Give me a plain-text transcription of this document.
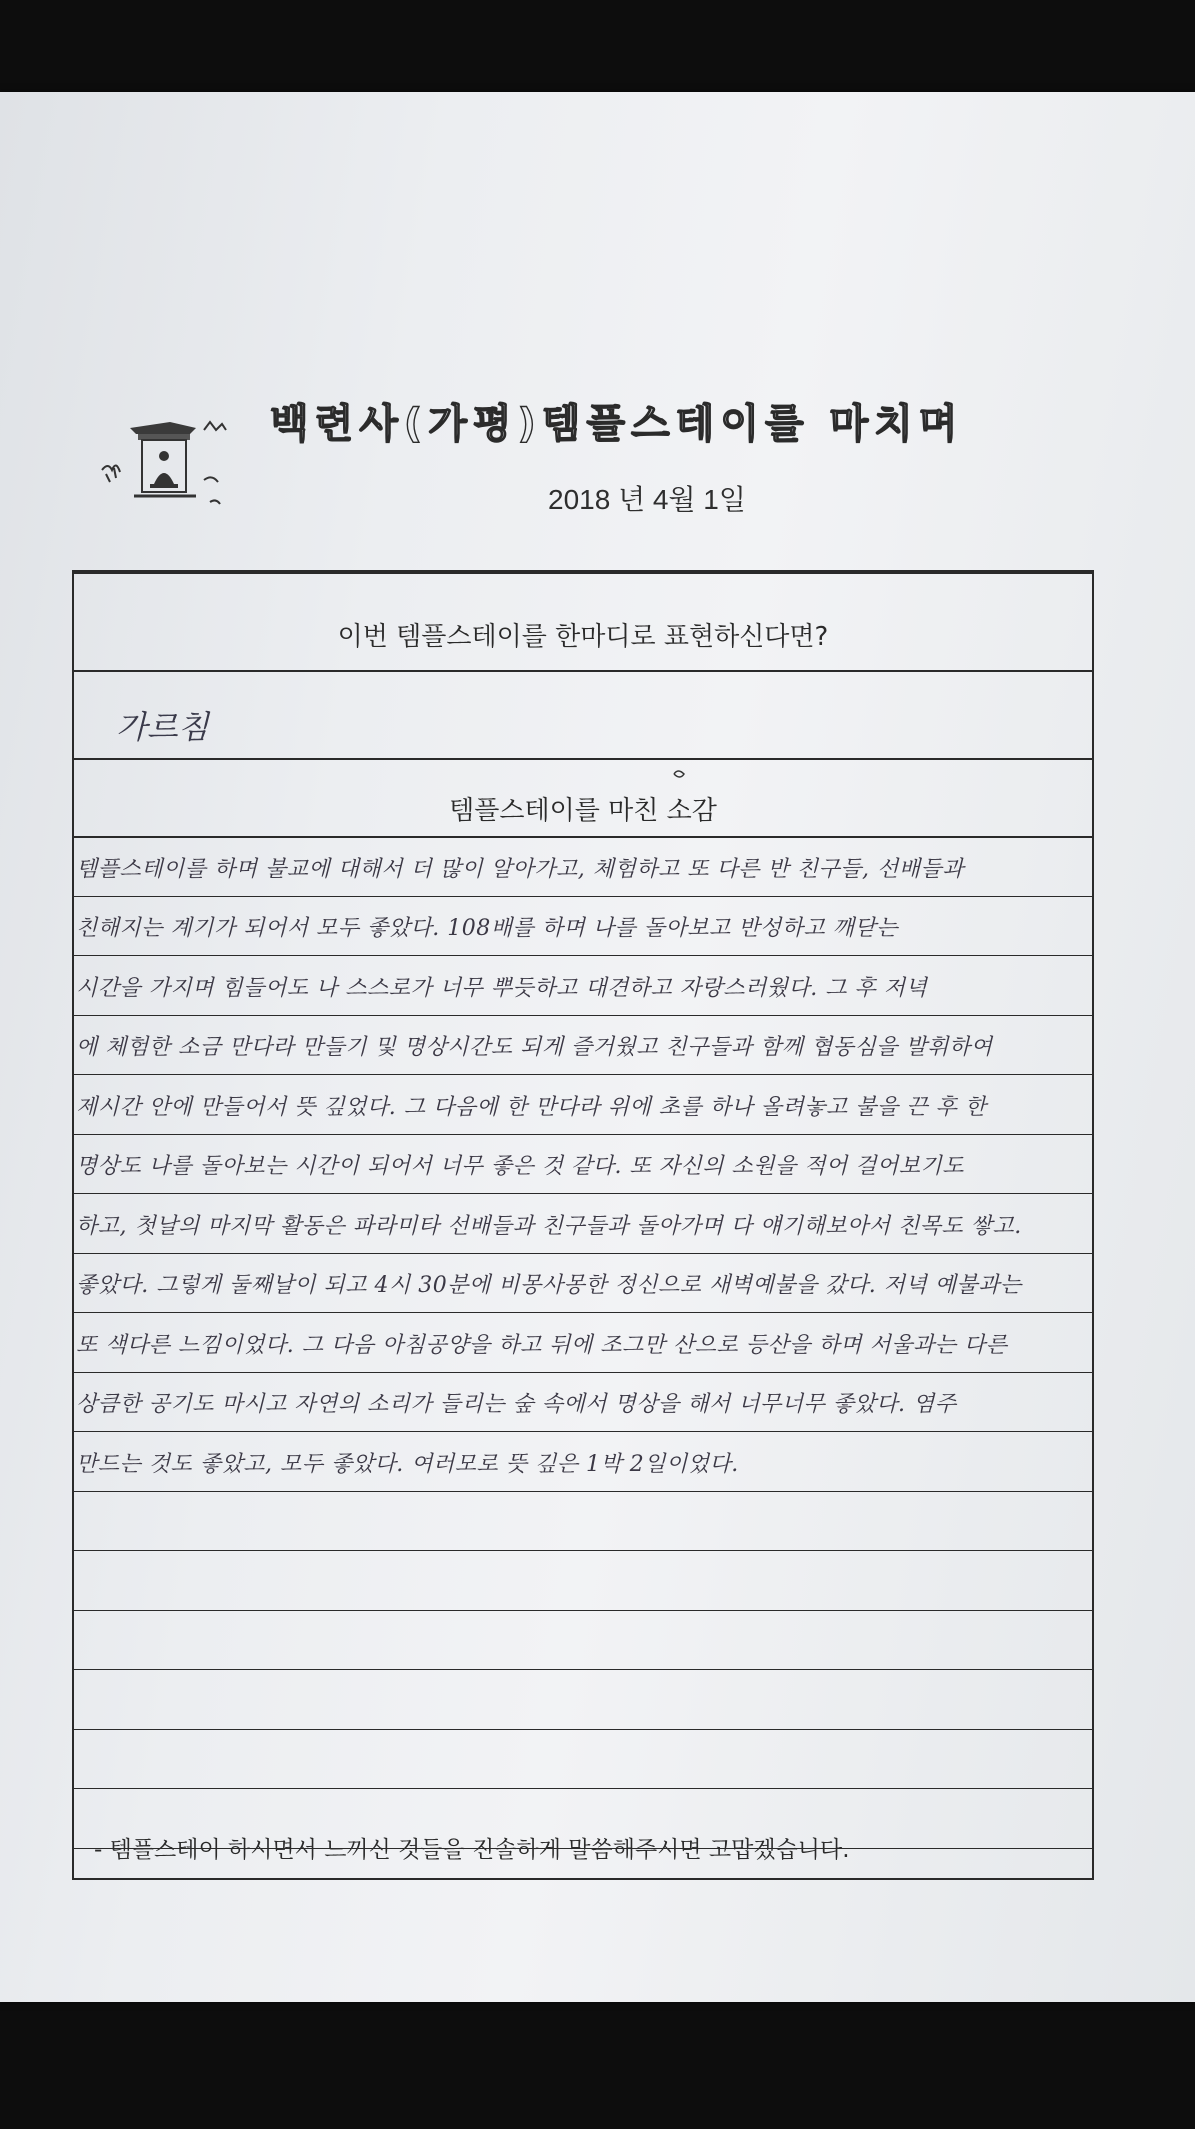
백련사(가평)템플스테이를 마치며
2018 년 4월 1일
이번 템플스테이를 한마디로 표현하신다면?
가르침
템플스테이를 마친 소감
템플스테이를 하며 불교에 대해서 더 많이 알아가고, 체험하고 또 다른 반 친구들, 선배들과
친해지는 계기가 되어서 모두 좋았다. 108배를 하며 나를 돌아보고 반성하고 깨닫는
시간을 가지며 힘들어도 나 스스로가 너무 뿌듯하고 대견하고 자랑스러웠다. 그 후 저녁
에 체험한 소금 만다라 만들기 및 명상시간도 되게 즐거웠고 친구들과 함께 협동심을 발휘하여
제시간 안에 만들어서 뜻 깊었다. 그 다음에 한 만다라 위에 초를 하나 올려놓고 불을 끈 후 한
명상도 나를 돌아보는 시간이 되어서 너무 좋은 것 같다. 또 자신의 소원을 적어 걸어보기도
하고, 첫날의 마지막 활동은 파라미타 선배들과 친구들과 돌아가며 다 얘기해보아서 친목도 쌓고.
좋았다. 그렇게 둘째날이 되고 4시 30분에 비몽사몽한 정신으로 새벽예불을 갔다. 저녁 예불과는
또 색다른 느낌이었다. 그 다음 아침공양을 하고 뒤에 조그만 산으로 등산을 하며 서울과는 다른
상큼한 공기도 마시고 자연의 소리가 들리는 숲 속에서 명상을 해서 너무너무 좋았다. 염주
만드는 것도 좋았고, 모두 좋았다. 여러모로 뜻 깊은 1박 2일이었다.
- 템플스테이 하시면서 느끼신 것들을 진솔하게 말씀해주시면 고맙겠습니다.
